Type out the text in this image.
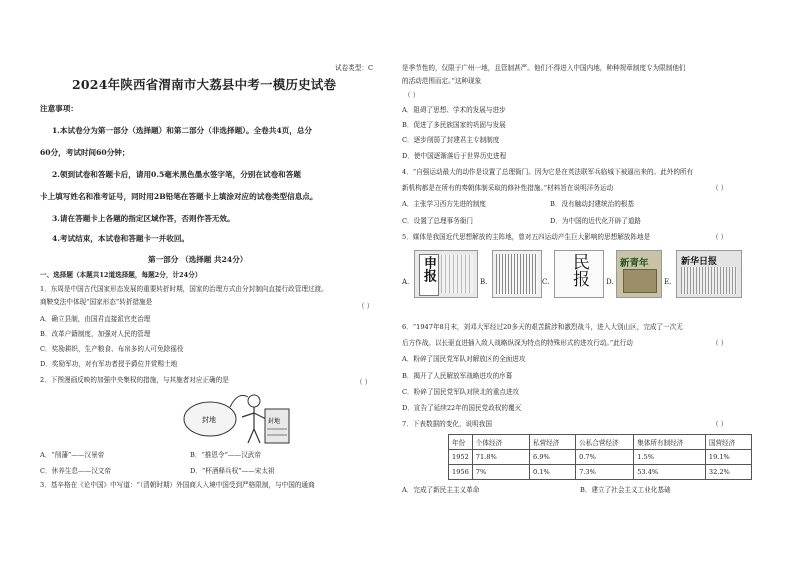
试卷类型：C
2024年陕西省渭南市大荔县中考一模历史试卷
注意事项：
1.本试卷分为第一部分（选择题）和第二部分（非选择题）。全卷共4页，总分
60分，考试时间60分钟；
2.领到试卷和答题卡后，请用0.5毫米黑色墨水签字笔，分别在试卷和答题
卡上填写姓名和准考证号，同时用2B铅笔在答题卡上填涂对应的试卷类型信息点。
3.请在答题卡上各题的指定区域作答，否则作答无效。
4.考试结束，本试卷和答题卡一并收回。
第一部分 （选择题 共24分）
一、选择题（本题共12道选择题，每题2分，计24分）
1．东周是中国古代国家形态发展的重要转折时期，国家的治理方式由分封制向直接行政管理过渡。
商鞅变法中体现“国家形态”转折措施是	（ ）
A．确立县制，由国君直接派官吏治理
B．改革户籍制度，加强对人民的管理
C．奖励耕织，生产粮食、布帛多的人可免除徭役
D．奖励军功，对有军功者授予爵位并赏赐土地
2．下图漫画反映的加强中央集权的措施，与其施者对应正确的是	（ ）
封地	封地
A．“削藩”——汉景帝	B．“推恩令”——汉武帝
C．休养生息——汉文帝	D．“杯酒释兵权”——宋太祖
3．基辛格在《论中国》中写道：“（清朝时期）外国商人入境中国受到严格限制，与中国的通商
是季节性的，仅限于广州一地，且管制甚严。他们不得进入中国内地，种种规章制度专为限制他们
的活动范围而定。”这种现象
（ ）
A．阻碍了思想、学术的发展与进步
B．促进了多民族国家的巩固与发展
C．逐步削弱了封建君主专制制度
D．使中国逐渐落后于世界历史进程
4．“自强运动最大的动作是设置了总理衙门。因为它是在英法联军兵临城下被逼出来的。此外的所有
新机构都是在所有的奏朝体制采取的修补性措施。”材料旨在说明洋务运动	（ ）
A．主张学习西方先进的制度	B．没有触动封建统治的根基
C．设置了总理事务衙门	D．为中国的近代化开辟了道路
5．媒体是我国近代思想解放的主阵地，曾对五四运动产生巨大影响的思想解放阵地是	（ ）
A. 申报	B.	C. 民报 D.
新青年
E.
新华日报
6．“1947年8月末，刘邓大军经过20多天的艰苦跋涉和激烈战斗，进入大别山区，完成了一次无
后方作战。以长驱直进插入敌人战略纵深为特点的特殊形式的进攻行动。”此行动	（ ）
A．粉碎了国民党军队对解放区的全面进攻
B．揭开了人民解放军战略进攻的序幕
C．粉碎了国民党军队对陕北的重点进攻
D．宣告了延续22年的国民党政权的覆灭
7．下表数据的变化，说明我国	（ ）
年份	个体经济	私营经济	公私合营经济	集体所有制经济	国营经济
1952	71.8%	6.9%	0.7%	1.5%	19.1%
1956	7%	0.1%	7.3%	53.4%	32.2%
A．完成了新民主主义革命	B．建立了社会主义工业化基础
